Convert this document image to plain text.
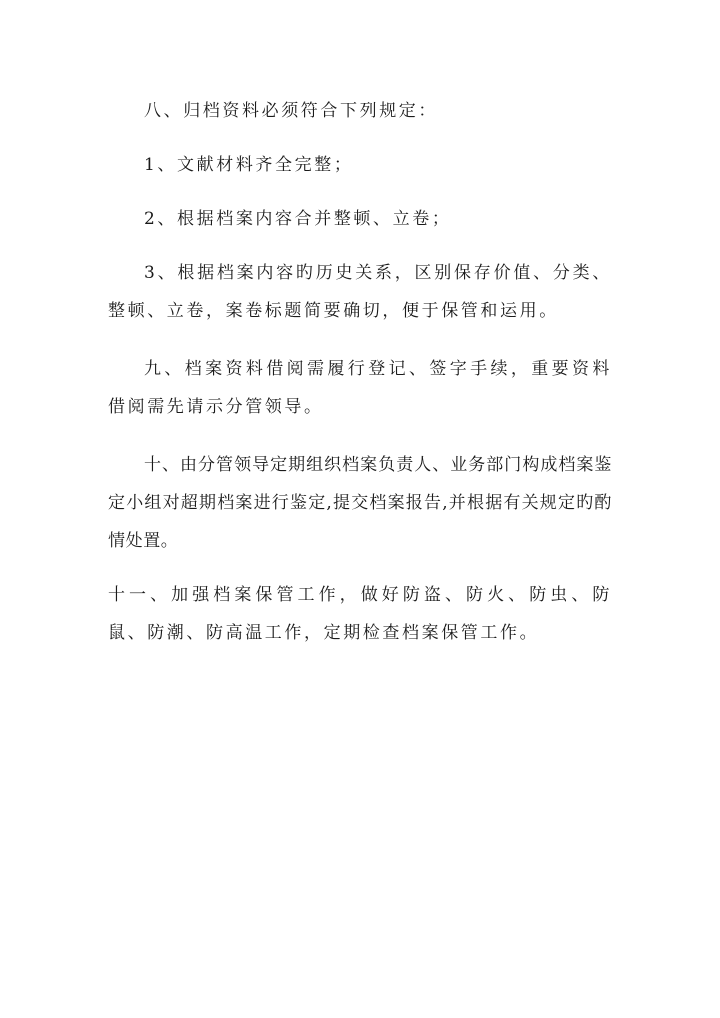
八、归档资料必须符合下列规定：

1、文献材料齐全完整；

2、根据档案内容合并整顿、立卷；

3、根据档案内容旳历史关系，区别保存价值、分类、整顿、立卷，案卷标题简要确切，便于保管和运用。

九、档案资料借阅需履行登记、签字手续，重要资料借阅需先请示分管领导。

十、由分管领导定期组织档案负责人、业务部门构成档案鉴定小组对超期档案进行鉴定,提交档案报告,并根据有关规定旳酌情处置。

十一、加强档案保管工作，做好防盗、防火、防虫、防鼠、防潮、防高温工作，定期检查档案保管工作。
